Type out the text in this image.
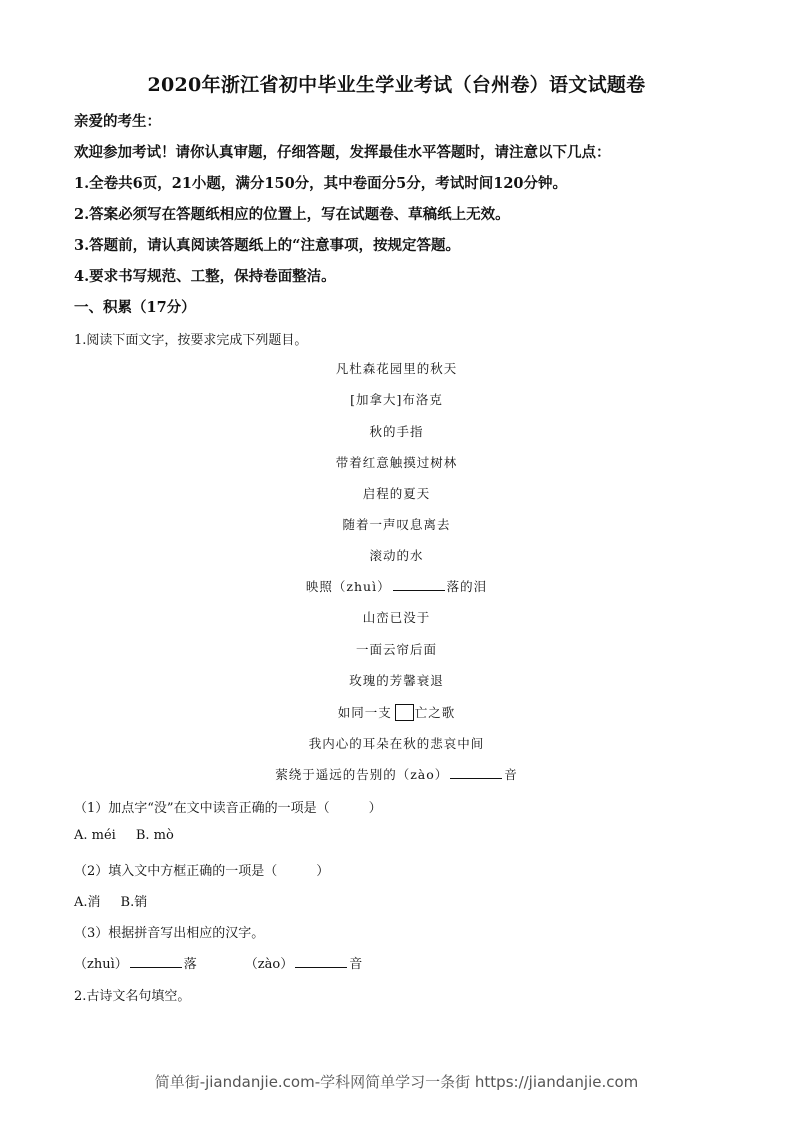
2020年浙江省初中毕业生学业考试（台州卷）语文试题卷
亲爱的考生：
欢迎参加考试！请你认真审题，仔细答题，发挥最佳水平答题时，请注意以下几点：
1.全卷共6页，21小题，满分150分，其中卷面分5分，考试时间120分钟。
2.答案必须写在答题纸相应的位置上，写在试题卷、草稿纸上无效。
3.答题前，请认真阅读答题纸上的“注意事项，按规定答题。
4.要求书写规范、工整，保持卷面整洁。
一、积累（17分）
1.阅读下面文字，按要求完成下列题目。
凡杜森花园里的秋天
[加拿大]布洛克
秋的手指
带着红意触摸过树林
启程的夏天
随着一声叹息离去
滚动的水
映照（zhuì）	落的泪
山峦已没于
一面云帘后面
玫瑰的芳馨衰退
如同一支 亡之歌
我内心的耳朵在秋的悲哀中间
萦绕于遥远的告别的（zào）	音
（1）加点字“没”在文中读音正确的一项是（　　　）
A. méi B. mò
（2）填入文中方框正确的一项是（　　　）
A.消 B.销
（3）根据拼音写出相应的汉字。
（zhuì）	落	（zào）	音
2.古诗文名句填空。
简单街-jiandanjie.com-学科网简单学习一条街 https://jiandanjie.com
